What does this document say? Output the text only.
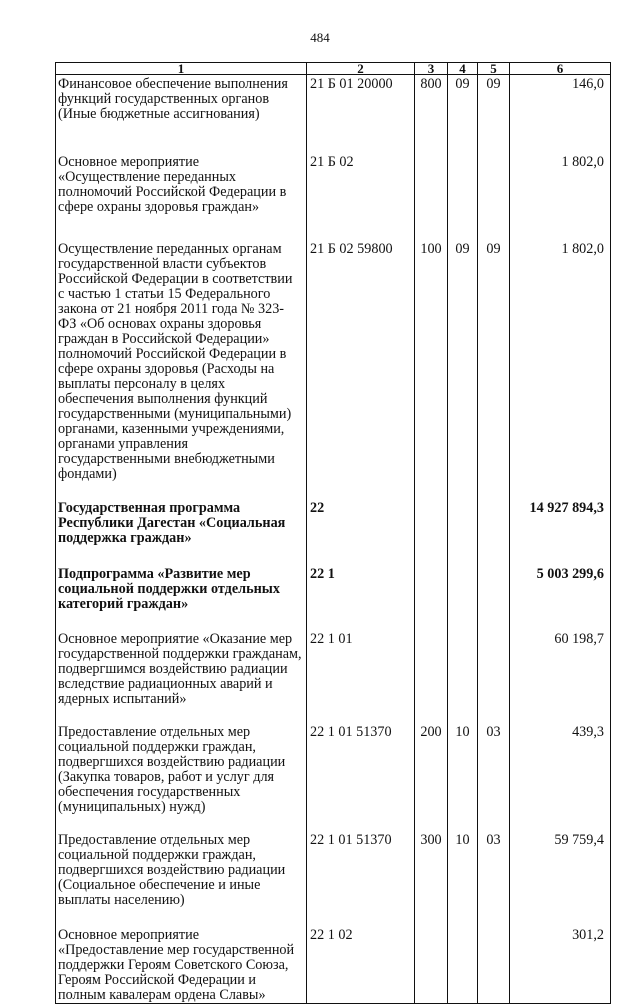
484
1	2	3	4	5	6
Финансовое обеспечение выполнения функций государственных органов (Иные бюджетные ассигнования)	21 Б 01 20000	800	09	09	146,0
Основное мероприятие «Осуществление переданных полномочий Российской Федерации в сфере охраны здоровья граждан»	21 Б 02				1 802,0
Осуществление переданных органам государственной власти субъектов Российской Федерации в соответствии с частью 1 статьи 15 Федерального закона от 21 ноября 2011 года № 323-ФЗ «Об основах охраны здоровья граждан в Российской Федерации» полномочий Российской Федерации в сфере охраны здоровья (Расходы на выплаты персоналу в целях обеспечения выполнения функций государственными (муниципальными) органами, казенными учреждениями, органами управления государственными внебюджетными фондами)	21 Б 02 59800	100	09	09	1 802,0
Государственная программа Республики Дагестан «Социальная поддержка граждан»	22				14 927 894,3
Подпрограмма «Развитие мер социальной поддержки отдельных категорий граждан»	22 1				5 003 299,6
Основное мероприятие «Оказание мер государственной поддержки гражданам, подвергшимся воздействию радиации вследствие радиационных аварий и ядерных испытаний»	22 1 01				60 198,7
Предоставление отдельных мер социальной поддержки граждан, подвергшихся воздействию радиации (Закупка товаров, работ и услуг для обеспечения государственных (муниципальных) нужд)	22 1 01 51370	200	10	03	439,3
Предоставление отдельных мер социальной поддержки граждан, подвергшихся воздействию радиации (Социальное обеспечение и иные выплаты населению)	22 1 01 51370	300	10	03	59 759,4
Основное мероприятие «Предоставление мер государственной поддержки Героям Советского Союза, Героям Российской Федерации и полным кавалерам ордена Славы»	22 1 02				301,2
